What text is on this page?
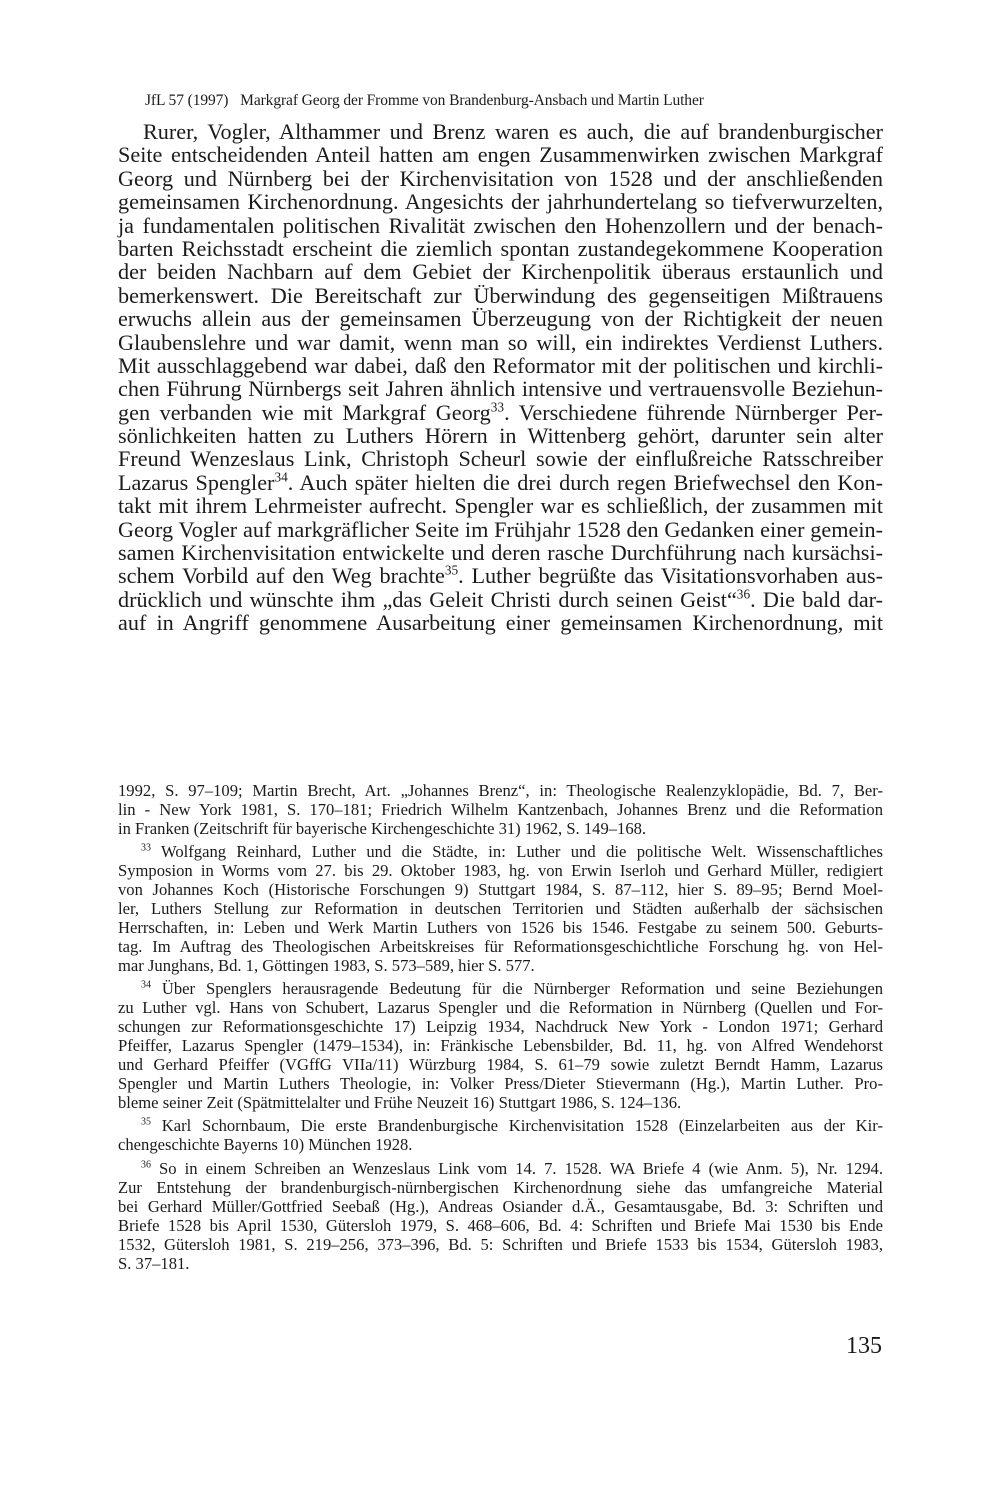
JfL 57 (1997) Markgraf Georg der Fromme von Brandenburg-Ansbach und Martin Luther
Rurer, Vogler, Althammer und Brenz waren es auch, die auf brandenburgischer
Seite entscheidenden Anteil hatten am engen Zusammenwirken zwischen Markgraf
Georg und Nürnberg bei der Kirchenvisitation von 1528 und der anschließenden
gemeinsamen Kirchenordnung. Angesichts der jahrhundertelang so tiefverwurzelten,
ja fundamentalen politischen Rivalität zwischen den Hohenzollern und der benach-
barten Reichsstadt erscheint die ziemlich spontan zustandegekommene Kooperation
der beiden Nachbarn auf dem Gebiet der Kirchenpolitik überaus erstaunlich und
bemerkenswert. Die Bereitschaft zur Überwindung des gegenseitigen Mißtrauens
erwuchs allein aus der gemeinsamen Überzeugung von der Richtigkeit der neuen
Glaubenslehre und war damit, wenn man so will, ein indirektes Verdienst Luthers.
Mit ausschlaggebend war dabei, daß den Reformator mit der politischen und kirchli-
chen Führung Nürnbergs seit Jahren ähnlich intensive und vertrauensvolle Beziehun-
gen verbanden wie mit Markgraf Georg$^{33}$. Verschiedene führende Nürnberger Per-
sönlichkeiten hatten zu Luthers Hörern in Wittenberg gehört, darunter sein alter
Freund Wenzeslaus Link, Christoph Scheurl sowie der einflußreiche Ratsschreiber
Lazarus Spengler$^{34}$. Auch später hielten die drei durch regen Briefwechsel den Kon-
takt mit ihrem Lehrmeister aufrecht. Spengler war es schließlich, der zusammen mit
Georg Vogler auf markgräflicher Seite im Frühjahr 1528 den Gedanken einer gemein-
samen Kirchenvisitation entwickelte und deren rasche Durchführung nach kursächsi-
schem Vorbild auf den Weg brachte$^{35}$. Luther begrüßte das Visitationsvorhaben aus-
drücklich und wünschte ihm „das Geleit Christi durch seinen Geist“$^{36}$. Die bald dar-
auf in Angriff genommene Ausarbeitung einer gemeinsamen Kirchenordnung, mit
1992, S. 97–109; Martin Brecht, Art. „Johannes Brenz“, in: Theologische Realenzyklopädie, Bd. 7, Ber-
lin - New York 1981, S. 170–181; Friedrich Wilhelm Kantzenbach, Johannes Brenz und die Reformation
in Franken (Zeitschrift für bayerische Kirchengeschichte 31) 1962, S. 149–168.
$^{33}$ Wolfgang Reinhard, Luther und die Städte, in: Luther und die politische Welt. Wissenschaftliches
Symposion in Worms vom 27. bis 29. Oktober 1983, hg. von Erwin Iserloh und Gerhard Müller, redigiert
von Johannes Koch (Historische Forschungen 9) Stuttgart 1984, S. 87–112, hier S. 89–95; Bernd Moel-
ler, Luthers Stellung zur Reformation in deutschen Territorien und Städten außerhalb der sächsischen
Herrschaften, in: Leben und Werk Martin Luthers von 1526 bis 1546. Festgabe zu seinem 500. Geburts-
tag. Im Auftrag des Theologischen Arbeitskreises für Reformationsgeschichtliche Forschung hg. von Hel-
mar Junghans, Bd. 1, Göttingen 1983, S. 573–589, hier S. 577.
$^{34}$ Über Spenglers herausragende Bedeutung für die Nürnberger Reformation und seine Beziehungen
zu Luther vgl. Hans von Schubert, Lazarus Spengler und die Reformation in Nürnberg (Quellen und For-
schungen zur Reformationsgeschichte 17) Leipzig 1934, Nachdruck New York - London 1971; Gerhard
Pfeiffer, Lazarus Spengler (1479–1534), in: Fränkische Lebensbilder, Bd. 11, hg. von Alfred Wendehorst
und Gerhard Pfeiffer (VGffG VIIa/11) Würzburg 1984, S. 61–79 sowie zuletzt Berndt Hamm, Lazarus
Spengler und Martin Luthers Theologie, in: Volker Press/Dieter Stievermann (Hg.), Martin Luther. Pro-
bleme seiner Zeit (Spätmittelalter und Frühe Neuzeit 16) Stuttgart 1986, S. 124–136.
$^{35}$ Karl Schornbaum, Die erste Brandenburgische Kirchenvisitation 1528 (Einzelarbeiten aus der Kir-
chengeschichte Bayerns 10) München 1928.
$^{36}$ So in einem Schreiben an Wenzeslaus Link vom 14. 7. 1528. WA Briefe 4 (wie Anm. 5), Nr. 1294.
Zur Entstehung der brandenburgisch-nürnbergischen Kirchenordnung siehe das umfangreiche Material
bei Gerhard Müller/Gottfried Seebaß (Hg.), Andreas Osiander d.Ä., Gesamtausgabe, Bd. 3: Schriften und
Briefe 1528 bis April 1530, Gütersloh 1979, S. 468–606, Bd. 4: Schriften und Briefe Mai 1530 bis Ende
1532, Gütersloh 1981, S. 219–256, 373–396, Bd. 5: Schriften und Briefe 1533 bis 1534, Gütersloh 1983,
S. 37–181.
135
